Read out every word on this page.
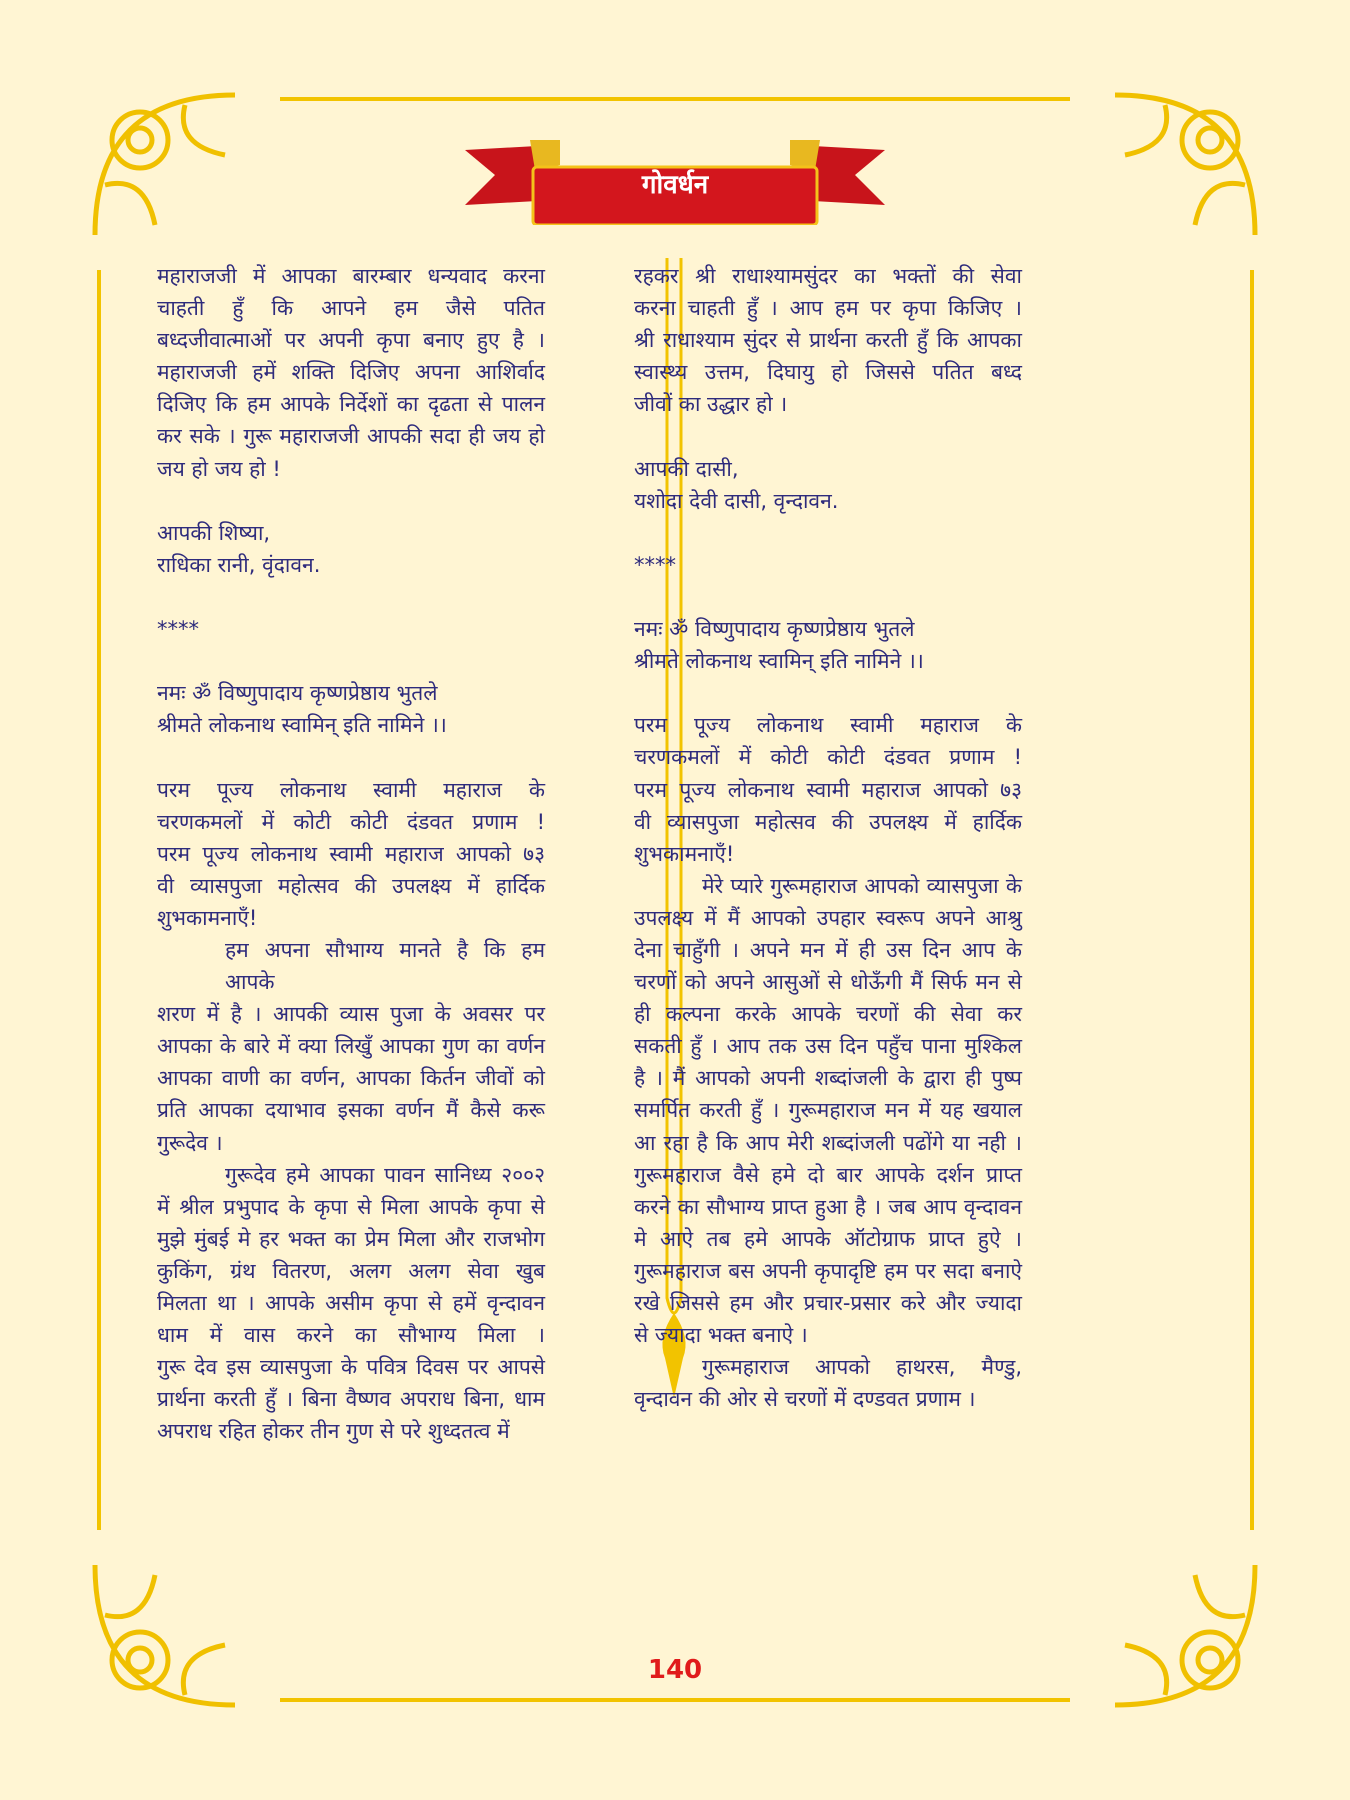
गोवर्धन
महाराजजी में आपका बारम्बार धन्यवाद करना
चाहती हुँ कि आपने हम जैसे पतित
बध्दजीवात्माओं पर अपनी कृपा बनाए हुए है ।
महाराजजी हमें शक्ति दिजिए अपना आशिर्वाद
दिजिए कि हम आपके निर्देशों का दृढता से पालन
कर सके । गुरू महाराजजी आपकी सदा ही जय हो
जय हो जय हो !
आपकी शिष्या,
राधिका रानी, वृंदावन.
****
नमः ॐ विष्णुपादाय कृष्णप्रेष्ठाय भुतले
श्रीमते लोकनाथ स्वामिन् इति नामिने ।।
परम पूज्य लोकनाथ स्वामी महाराज के
चरणकमलों में कोटी कोटी दंडवत प्रणाम !
परम पूज्य लोकनाथ स्वामी महाराज आपको ७३
वी व्यासपुजा महोत्सव की उपलक्ष्य में हार्दिक
शुभकामनाएँ!
हम अपना सौभाग्य मानते है कि हम आपके
शरण में है । आपकी व्यास पुजा के अवसर पर
आपका के बारे में क्या लिखुँ आपका गुण का वर्णन
आपका वाणी का वर्णन, आपका किर्तन जीवों को
प्रति आपका दयाभाव इसका वर्णन मैं कैसे करू
गुरूदेव ।
गुरूदेव हमे आपका पावन सानिध्य २००२
में श्रील प्रभुपाद के कृपा से मिला आपके कृपा से
मुझे मुंबई मे हर भक्त का प्रेम मिला और राजभोग
कुकिंग, ग्रंथ वितरण, अलग अलग सेवा खुब
मिलता था । आपके असीम कृपा से हमें वृन्दावन
धाम में वास करने का सौभाग्य मिला ।
गुरू देव इस व्यासपुजा के पवित्र दिवस पर आपसे
प्रार्थना करती हुँ । बिना वैष्णव अपराध बिना, धाम
अपराध रहित होकर तीन गुण से परे शुध्दतत्व में
रहकर श्री राधाश्यामसुंदर का भक्तों की सेवा
करना चाहती हुँ । आप हम पर कृपा किजिए ।
श्री राधाश्याम सुंदर से प्रार्थना करती हुँ कि आपका
स्वास्थ्य उत्तम, दिघायु हो जिससे पतित बध्द
जीवों का उद्धार हो ।
आपकी दासी,
यशोदा देवी दासी, वृन्दावन.
****
नमः ॐ विष्णुपादाय कृष्णप्रेष्ठाय भुतले
श्रीमते लोकनाथ स्वामिन् इति नामिने ।।
परम पूज्य लोकनाथ स्वामी महाराज के
चरणकमलों में कोटी कोटी दंडवत प्रणाम !
परम पूज्य लोकनाथ स्वामी महाराज आपको ७३
वी व्यासपुजा महोत्सव की उपलक्ष्य में हार्दिक
शुभकामनाएँ!
मेरे प्यारे गुरूमहाराज आपको व्यासपुजा के
उपलक्ष्य में मैं आपको उपहार स्वरूप अपने आश्रु
देना चाहुँगी । अपने मन में ही उस दिन आप के
चरणों को अपने आसुओं से धोऊँगी मैं सिर्फ मन से
ही कल्पना करके आपके चरणों की सेवा कर
सकती हुँ । आप तक उस दिन पहुँच पाना मुश्किल
है । मैं आपको अपनी शब्दांजली के द्वारा ही पुष्प
समर्पित करती हुँ । गुरूमहाराज मन में यह खयाल
आ रहा है कि आप मेरी शब्दांजली पढोंगे या नही ।
गुरूमहाराज वैसे हमे दो बार आपके दर्शन प्राप्त
करने का सौभाग्य प्राप्त हुआ है । जब आप वृन्दावन
मे आऐ तब हमे आपके ऑटोग्राफ प्राप्त हुऐ ।
गुरूमहाराज बस अपनी कृपादृष्टि हम पर सदा बनाऐ
रखे जिससे हम और प्रचार-प्रसार करे और ज्यादा
से ज्यादा भक्त बनाऐ ।
गुरूमहाराज आपको हाथरस, मैण्डु,
वृन्दावन की ओर से चरणों में दण्डवत प्रणाम ।
140
